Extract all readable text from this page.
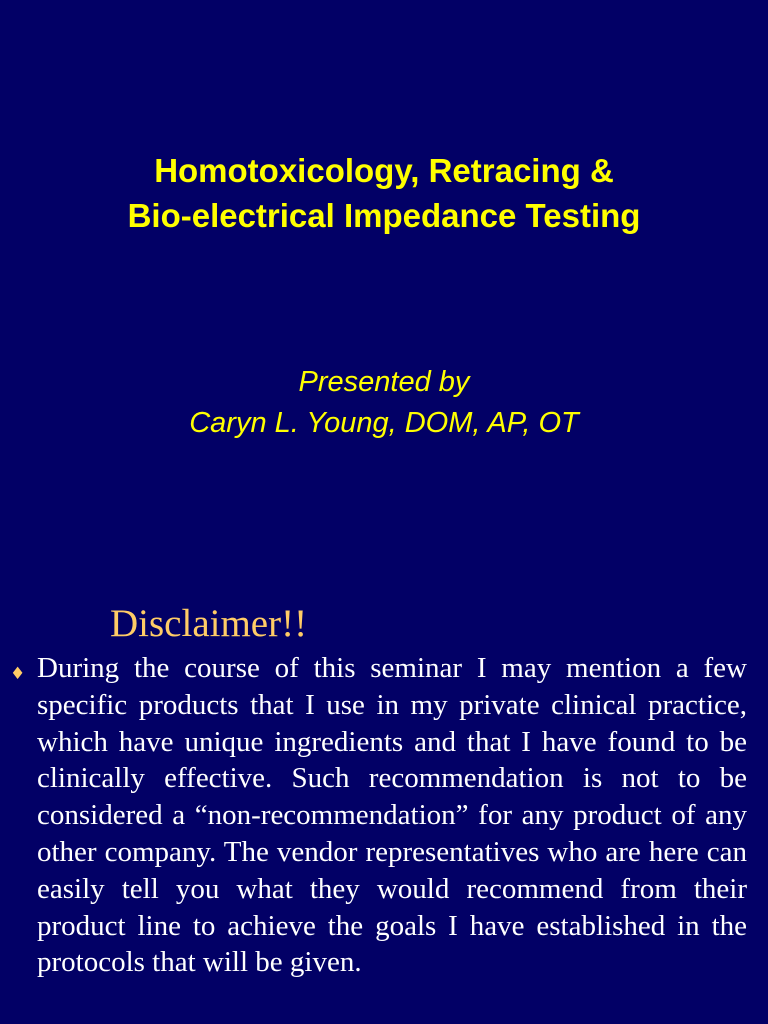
Homotoxicology, Retracing &
Bio-electrical Impedance Testing
Presented by
Caryn L. Young, DOM, AP, OT
Disclaimer!!
♦ During the course of this seminar I may mention a few specific products that I use in my private clinical practice, which have unique ingredients and that I have found to be clinically effective. Such recommendation is not to be considered a “non-recommendation” for any product of any other company. The vendor representatives who are here can easily tell you what they would recommend from their product line to achieve the goals I have established in the protocols that will be given.
